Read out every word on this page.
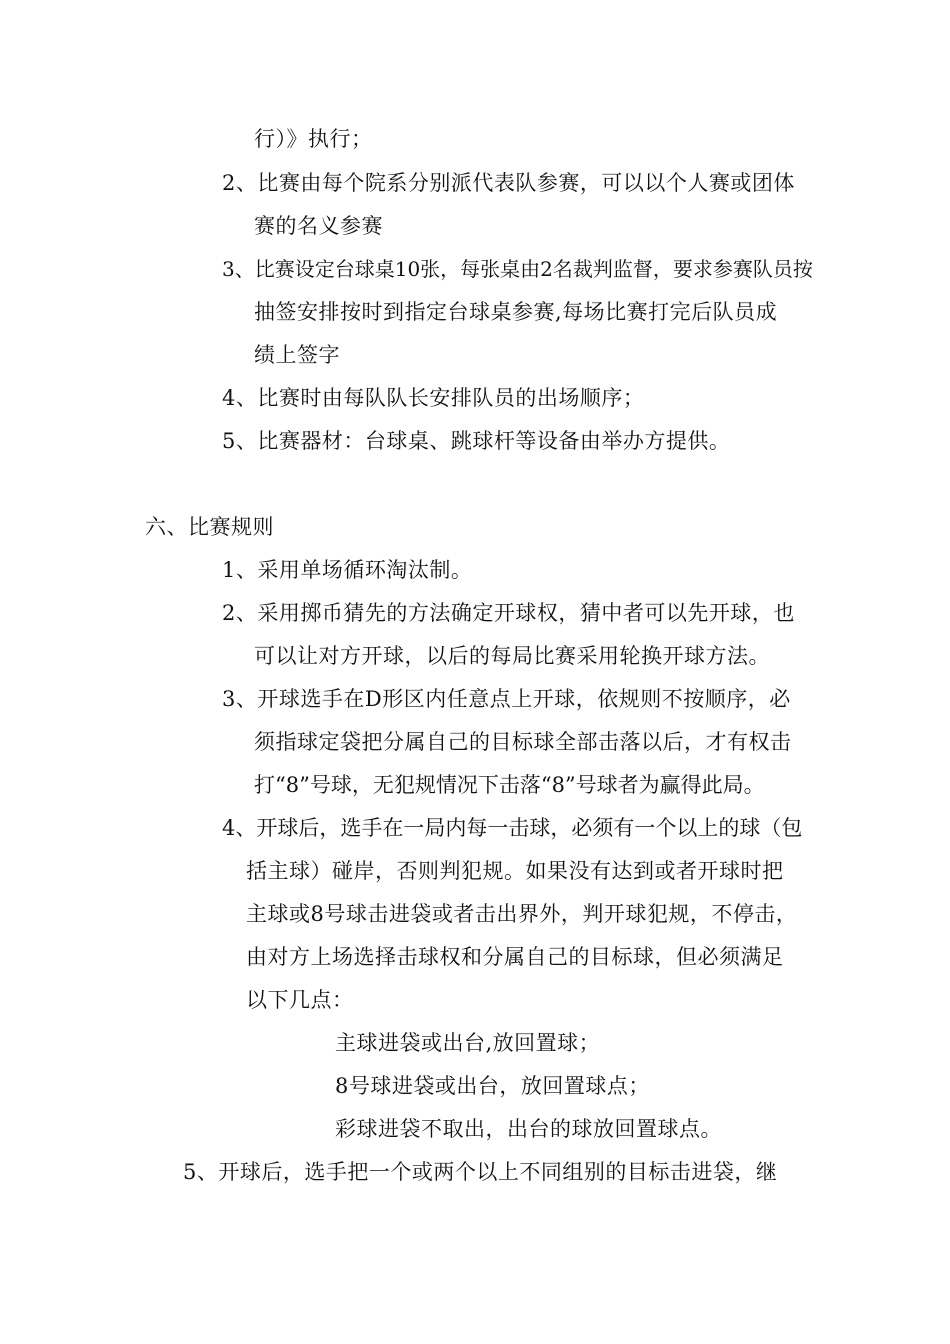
行）》执行；
2、比赛由每个院系分别派代表队参赛，可以以个人赛或团体
赛的名义参赛
3、比赛设定台球桌10张，每张桌由2名裁判监督，要求参赛队员按
抽签安排按时到指定台球桌参赛,每场比赛打完后队员成
绩上签字
4、比赛时由每队队长安排队员的出场顺序；
5、比赛器材：台球桌、跳球杆等设备由举办方提供。
六、比赛规则
1、采用单场循环淘汰制。
2、采用掷币猜先的方法确定开球权，猜中者可以先开球，也
可以让对方开球，以后的每局比赛采用轮换开球方法。
3、开球选手在D形区内任意点上开球，依规则不按顺序，必
须指球定袋把分属自己的目标球全部击落以后，才有权击
打“8”号球，无犯规情况下击落“8”号球者为赢得此局。
4、开球后，选手在一局内每一击球，必须有一个以上的球（包
括主球）碰岸，否则判犯规。如果没有达到或者开球时把
主球或8号球击进袋或者击出界外，判开球犯规，不停击，
由对方上场选择击球权和分属自己的目标球，但必须满足
以下几点：
主球进袋或出台,放回置球；
8号球进袋或出台，放回置球点；
彩球进袋不取出，出台的球放回置球点。
5、开球后，选手把一个或两个以上不同组别的目标击进袋，继
